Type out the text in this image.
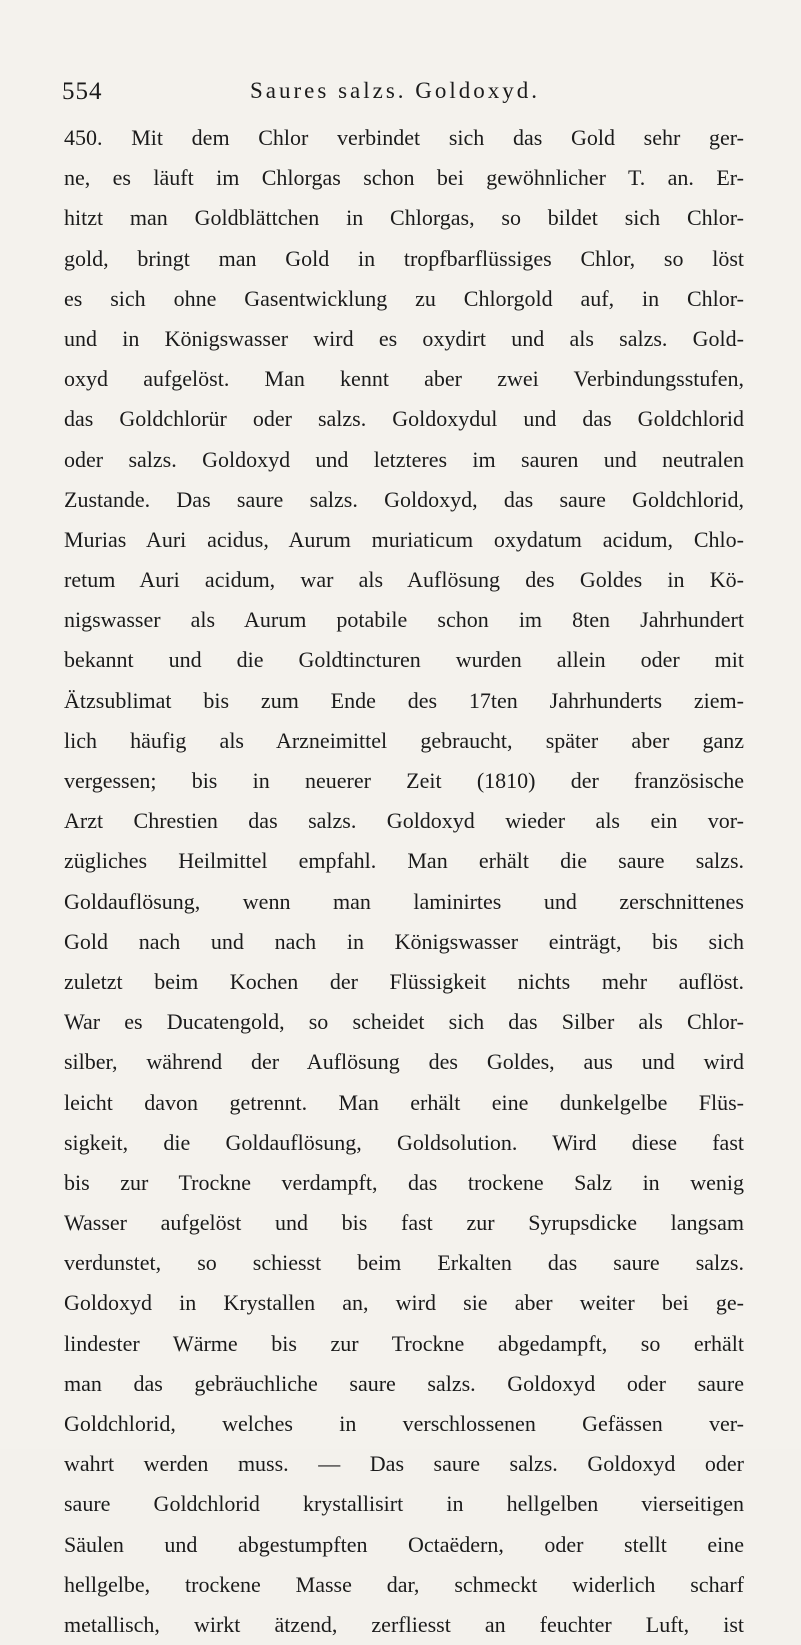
554	Saures salzs. Goldoxyd.
450. Mit dem Chlor verbindet sich das Gold sehr ger-
ne, es läuft im Chlorgas schon bei gewöhnlicher T. an. Er-
hitzt man Goldblättchen in Chlorgas, so bildet sich Chlor-
gold, bringt man Gold in tropfbarflüssiges Chlor, so löst
es sich ohne Gasentwicklung zu Chlorgold auf, in Chlor-
und in Königswasser wird es oxydirt und als salzs. Gold-
oxyd aufgelöst. Man kennt aber zwei Verbindungsstufen,
das Goldchlorür oder salzs. Goldoxydul und das Goldchlorid
oder salzs. Goldoxyd und letzteres im sauren und neutralen
Zustande. Das saure salzs. Goldoxyd, das saure Goldchlorid,
Murias Auri acidus, Aurum muriaticum oxydatum acidum, Chlo-
retum Auri acidum, war als Auflösung des Goldes in Kö-
nigswasser als Aurum potabile schon im 8ten Jahrhundert
bekannt und die Goldtincturen wurden allein oder mit
Ätzsublimat bis zum Ende des 17ten Jahrhunderts ziem-
lich häufig als Arzneimittel gebraucht, später aber ganz
vergessen; bis in neuerer Zeit (1810) der französische
Arzt Chrestien das salzs. Goldoxyd wieder als ein vor-
zügliches Heilmittel empfahl. Man erhält die saure salzs.
Goldauflösung, wenn man laminirtes und zerschnittenes
Gold nach und nach in Königswasser einträgt, bis sich
zuletzt beim Kochen der Flüssigkeit nichts mehr auflöst.
War es Ducatengold, so scheidet sich das Silber als Chlor-
silber, während der Auflösung des Goldes, aus und wird
leicht davon getrennt. Man erhält eine dunkelgelbe Flüs-
sigkeit, die Goldauflösung, Goldsolution. Wird diese fast
bis zur Trockne verdampft, das trockene Salz in wenig
Wasser aufgelöst und bis fast zur Syrupsdicke langsam
verdunstet, so schiesst beim Erkalten das saure salzs.
Goldoxyd in Krystallen an, wird sie aber weiter bei ge-
lindester Wärme bis zur Trockne abgedampft, so erhält
man das gebräuchliche saure salzs. Goldoxyd oder saure
Goldchlorid, welches in verschlossenen Gefässen ver-
wahrt werden muss. — Das saure salzs. Goldoxyd oder
saure Goldchlorid krystallisirt in hellgelben vierseitigen
Säulen und abgestumpften Octaëdern, oder stellt eine
hellgelbe, trockene Masse dar, schmeckt widerlich scharf
metallisch, wirkt ätzend, zerfliesst an feuchter Luft, ist
